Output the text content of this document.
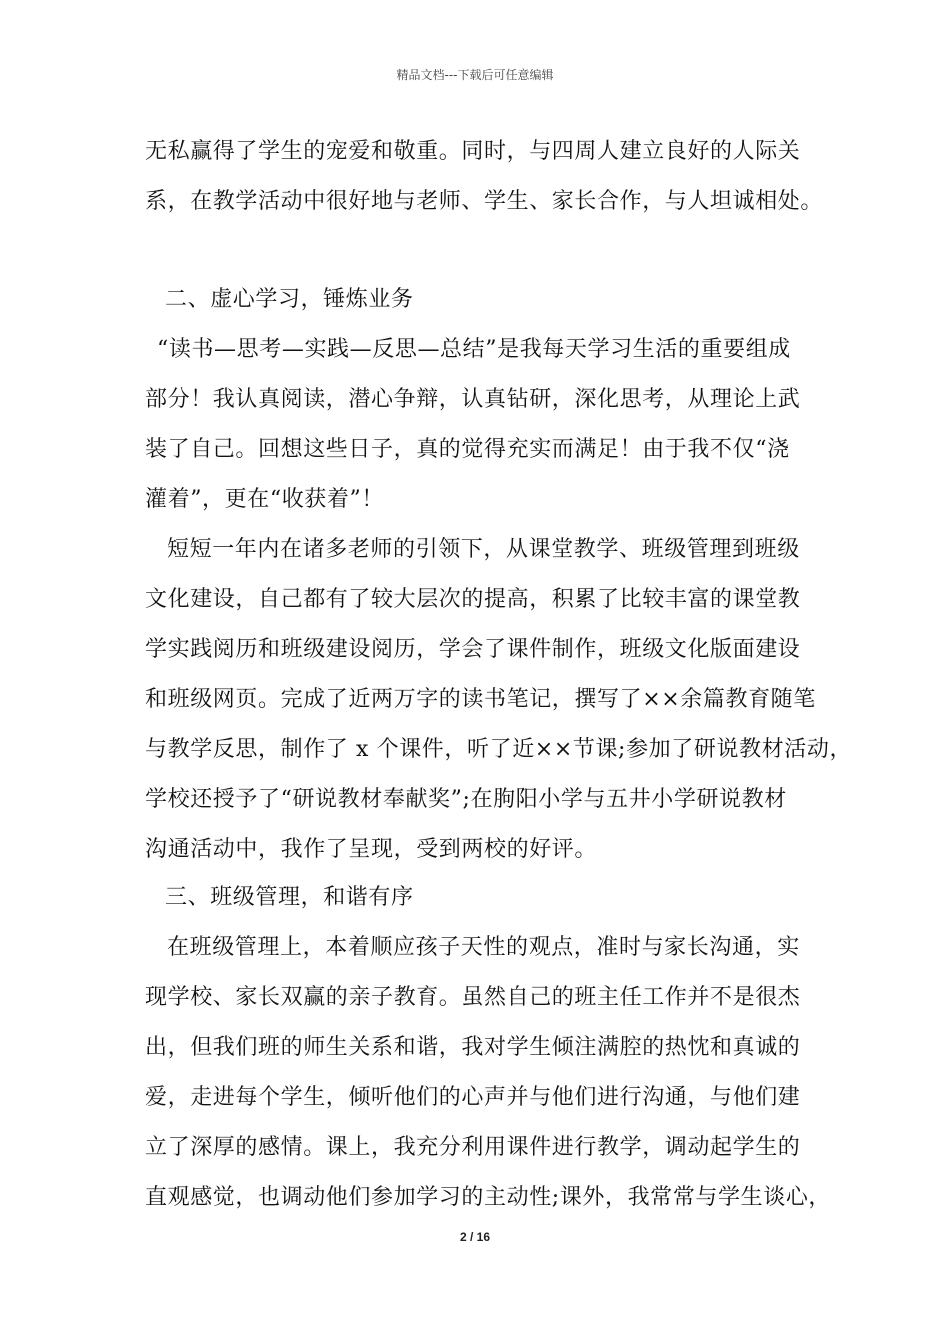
精品文档---下载后可任意编辑
无私赢得了学生的宠爱和敬重。同时，与四周人建立良好的人际关
系，在教学活动中很好地与老师、学生、家长合作，与人坦诚相处。
二、虚心学习，锤炼业务
“读书—思考—实践—反思—总结”是我每天学习生活的重要组成
部分！我认真阅读，潜心争辩，认真钻研，深化思考，从理论上武
装了自己。回想这些日子，真的觉得充实而满足！由于我不仅“浇
灌着”，更在“收获着”！
短短一年内在诸多老师的引领下，从课堂教学、班级管理到班级
文化建设，自己都有了较大层次的提高，积累了比较丰富的课堂教
学实践阅历和班级建设阅历，学会了课件制作，班级文化版面建设
和班级网页。完成了近两万字的读书笔记，撰写了××余篇教育随笔
与教学反思，制作了 x 个课件，听了近××节课;参加了研说教材活动，
学校还授予了“研说教材奉献奖”;在朐阳小学与五井小学研说教材
沟通活动中，我作了呈现，受到两校的好评。
三、班级管理，和谐有序
在班级管理上，本着顺应孩子天性的观点，准时与家长沟通，实
现学校、家长双赢的亲子教育。虽然自己的班主任工作并不是很杰
出，但我们班的师生关系和谐，我对学生倾注满腔的热忱和真诚的
爱，走进每个学生，倾听他们的心声并与他们进行沟通，与他们建
立了深厚的感情。课上，我充分利用课件进行教学，调动起学生的
直观感觉，也调动他们参加学习的主动性;课外，我常常与学生谈心，
2 / 16
